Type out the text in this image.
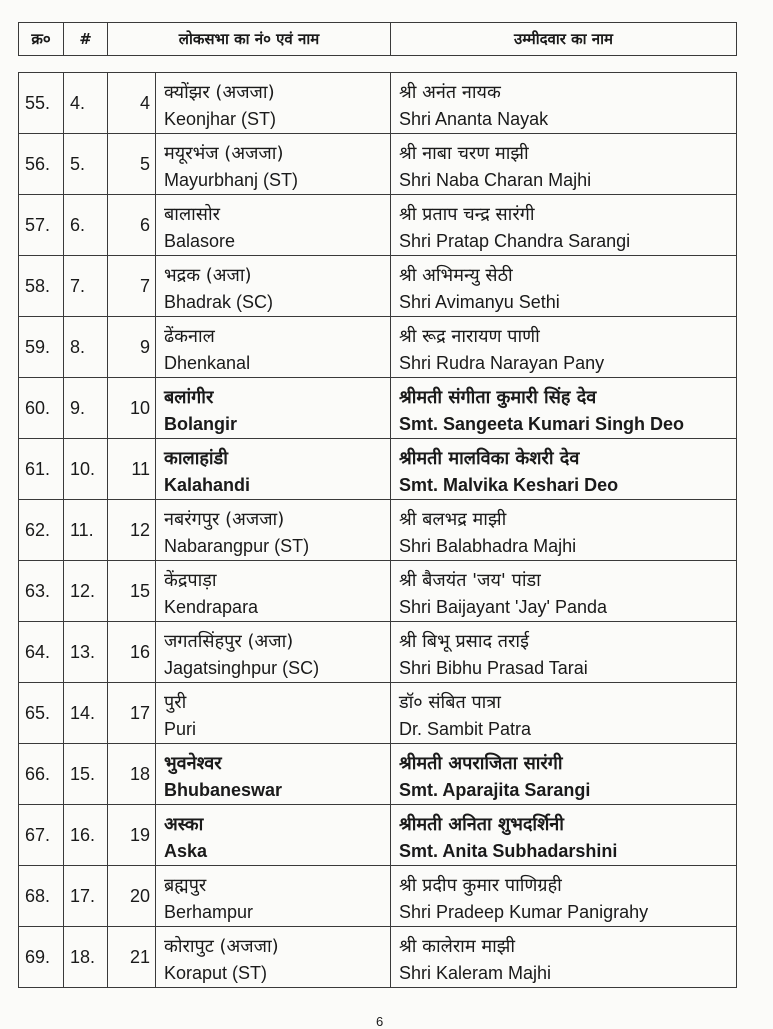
क्र०	#	लोकसभा का नं० एवं नाम	उम्मीदवार का नाम
55.	4.	4	क्योंझर (अजजा)
Keonjhar (ST)	श्री अनंत नायक
Shri Ananta Nayak

56.	5.	5	मयूरभंज (अजजा)
Mayurbhanj (ST)	श्री नाबा चरण माझी
Shri Naba Charan Majhi

57.	6.	6	बालासोर
Balasore	श्री प्रताप चन्द्र सारंगी
Shri Pratap Chandra Sarangi

58.	7.	7	भद्रक (अजा)
Bhadrak (SC)	श्री अभिमन्यु सेठी
Shri Avimanyu Sethi

59.	8.	9	ढेंकनाल
Dhenkanal	श्री रूद्र नारायण पाणी
Shri Rudra Narayan Pany

60.	9.	10	बलांगीर
Bolangir	श्रीमती संगीता कुमारी सिंह देव
Smt. Sangeeta Kumari Singh Deo

61.	10.	11	कालाहांडी
Kalahandi	श्रीमती मालविका केशरी देव
Smt. Malvika Keshari Deo

62.	11.	12	नबरंगपुर (अजजा)
Nabarangpur (ST)	श्री बलभद्र माझी
Shri Balabhadra Majhi

63.	12.	15	केंद्रपाड़ा
Kendrapara	श्री बैजयंत 'जय' पांडा
Shri Baijayant 'Jay' Panda

64.	13.	16	जगतसिंहपुर (अजा)
Jagatsinghpur (SC)	श्री बिभू प्रसाद तराई
Shri Bibhu Prasad Tarai

65.	14.	17	पुरी
Puri	डॉ० संबित पात्रा
Dr. Sambit Patra

66.	15.	18	भुवनेश्वर
Bhubaneswar	श्रीमती अपराजिता सारंगी
Smt. Aparajita Sarangi

67.	16.	19	अस्का
Aska	श्रीमती अनिता शुभदर्शिनी
Smt. Anita Subhadarshini

68.	17.	20	ब्रह्मपुर
Berhampur	श्री प्रदीप कुमार पाणिग्रही
Shri Pradeep Kumar Panigrahy

69.	18.	21	कोरापुट (अजजा)
Koraput (ST)	श्री कालेराम माझी
Shri Kaleram Majhi
6
